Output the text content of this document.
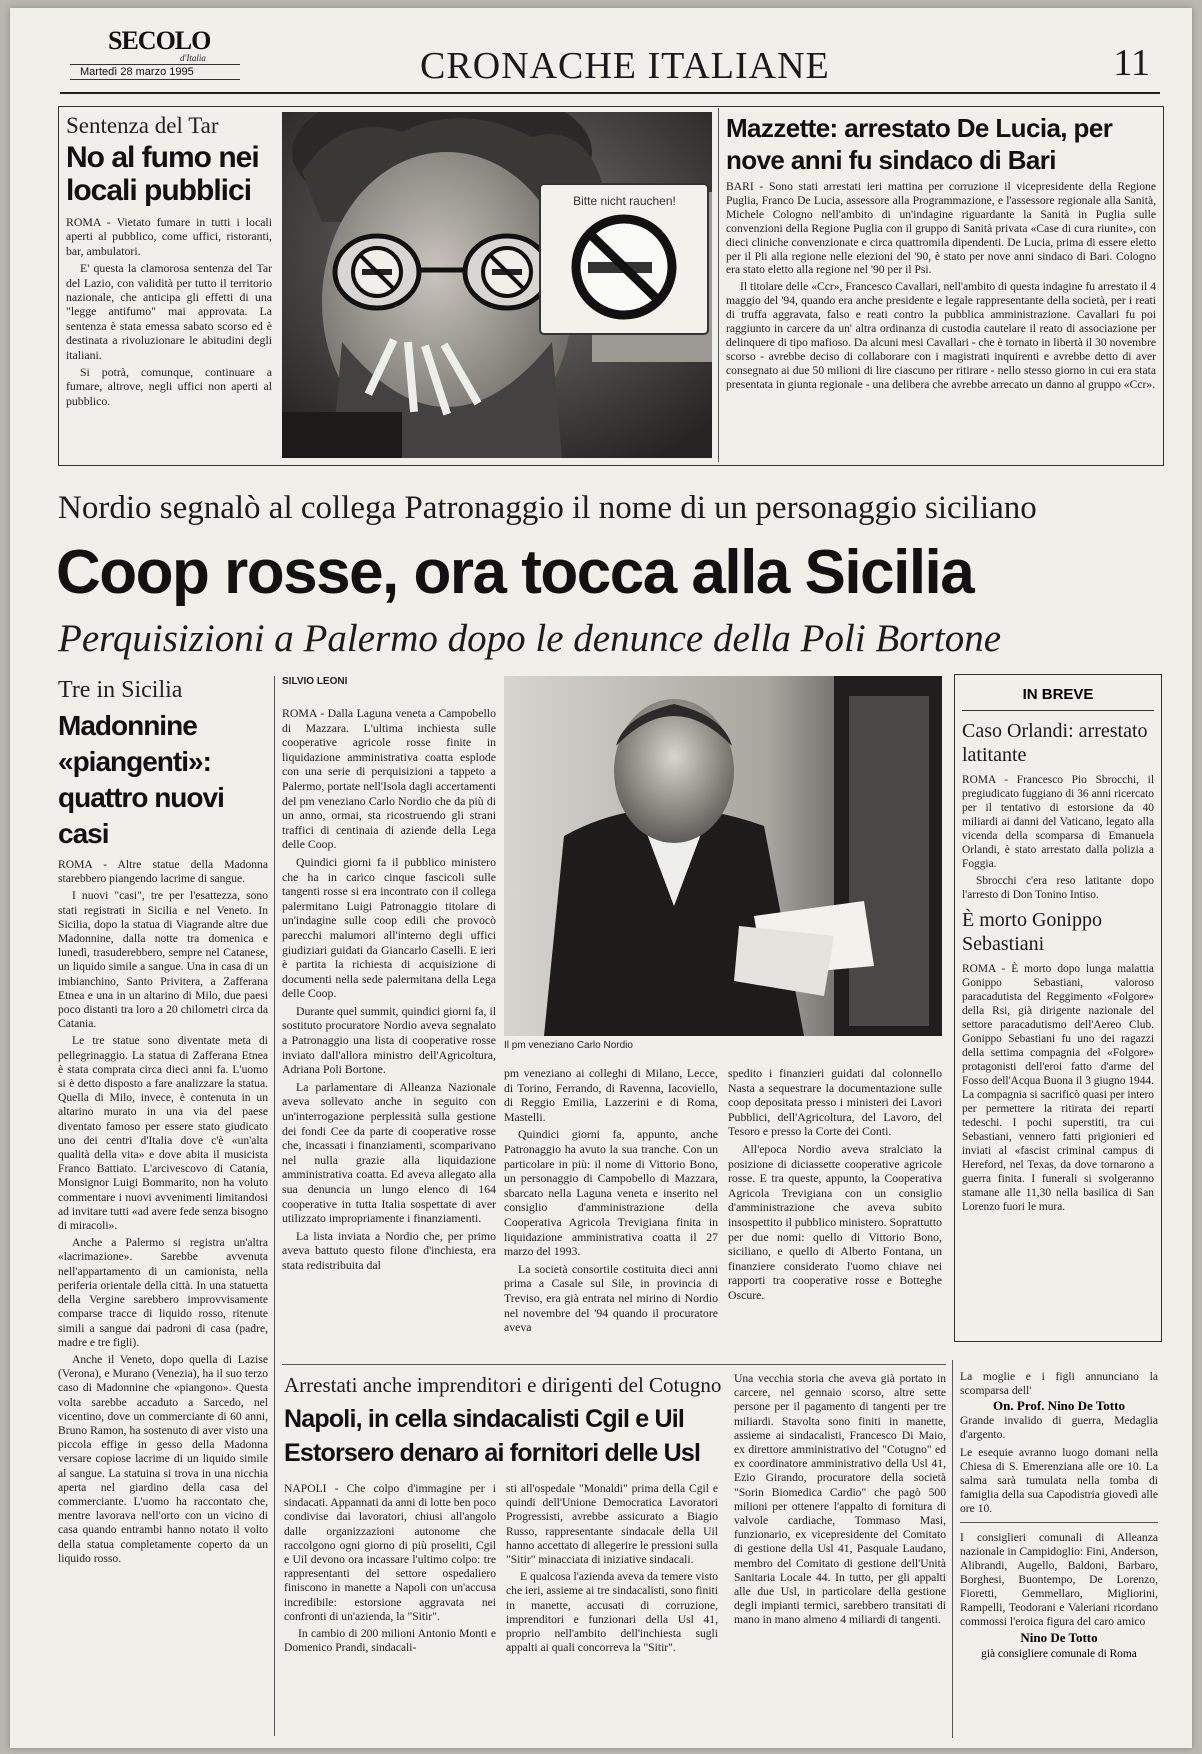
SECOLO
d'Italia
Martedì 28 marzo 1995	CRONACHE ITALIANE	11
Sentenza del Tar
No al fumo nei locali pubblici

ROMA - Vietato fumare in tutti i locali aperti al pubblico, come uffici, ristoranti, bar, ambulatori.

E' questa la clamorosa sentenza del Tar del Lazio, con validità per tutto il territorio nazionale, che anticipa gli effetti di una "legge antifumo" mai approvata. La sentenza è stata emessa sabato scorso ed è destinata a rivoluzionare le abitudini degli italiani.

Si potrà, comunque, continuare a fumare, altrove, negli uffici non aperti al pubblico.

Bitte nicht rauchen!
Mazzette: arrestato De Lucia, per nove anni fu sindaco di Bari

BARI - Sono stati arrestati ieri mattina per corruzione il vicepresidente della Regione Puglia, Franco De Lucia, assessore alla Programmazione, e l'assessore regionale alla Sanità, Michele Cologno nell'ambito di un'indagine riguardante la Sanità in Puglia sulle convenzioni della Regione Puglia con il gruppo di Sanità privata «Case di cura riunite», con dieci cliniche convenzionate e circa quattromila dipendenti. De Lucia, prima di essere eletto per il Pli alla regione nelle elezioni del '90, è stato per nove anni sindaco di Bari. Cologno era stato eletto alla regione nel '90 per il Psi.

Il titolare delle «Ccr», Francesco Cavallari, nell'ambito di questa indagine fu arrestato il 4 maggio del '94, quando era anche presidente e legale rappresentante della società, per i reati di truffa aggravata, falso e reati contro la pubblica amministrazione. Cavallari fu poi raggiunto in carcere da un' altra ordinanza di custodia cautelare il reato di associazione per delinquere di tipo mafioso. Da alcuni mesi Cavallari - che è tornato in libertà il 30 novembre scorso - avrebbe deciso di collaborare con i magistrati inquirenti e avrebbe detto di aver consegnato ai due 50 milioni di lire ciascuno per ritirare - nello stesso giorno in cui era stata presentata in giunta regionale - una delibera che avrebbe arrecato un danno al gruppo «Ccr».

Nordio segnalò al collega Patronaggio il nome di un personaggio siciliano
Coop rosse, ora tocca alla Sicilia
Perquisizioni a Palermo dopo le denunce della Poli Bortone
Tre in Sicilia
Madonnine «piangenti»: quattro nuovi casi

ROMA - Altre statue della Madonna starebbero piangendo lacrime di sangue.

I nuovi "casi", tre per l'esattezza, sono stati registrati in Sicilia e nel Veneto. In Sicilia, dopo la statua di Viagrande altre due Madonnine, dalla notte tra domenica e lunedì, trasuderebbero, sempre nel Catanese, un liquido simile a sangue. Una in casa di un imbianchino, Santo Privitera, a Zafferana Etnea e una in un altarino di Milo, due paesi poco distanti tra loro a 20 chilometri circa da Catania.

Le tre statue sono diventate meta di pellegrinaggio. La statua di Zafferana Etnea è stata comprata circa dieci anni fa. L'uomo si è detto disposto a fare analizzare la statua. Quella di Milo, invece, è contenuta in un altarino murato in una via del paese diventato famoso per essere stato giudicato uno dei centri d'Italia dove c'è «un'alta qualità della vita» e dove abita il musicista Franco Battiato. L'arcivescovo di Catania, Monsignor Luigi Bommarito, non ha voluto commentare i nuovi avvenimenti limitandosi ad invitare tutti «ad avere fede senza bisogno di miracoli».

Anche a Palermo si registra un'altra «lacrimazione». Sarebbe avvenuta nell'appartamento di un camionista, nella periferia orientale della città. In una statuetta della Vergine sarebbero improvvisamente comparse tracce di liquido rosso, ritenute simili a sangue dai padroni di casa (padre, madre e tre figli).

Anche il Veneto, dopo quella di Lazise (Verona), e Murano (Venezia), ha il suo terzo caso di Madonnine che «piangono». Questa volta sarebbe accaduto a Sarcedo, nel vicentino, dove un commerciante di 60 anni, Bruno Ramon, ha sostenuto di aver visto una piccola effige in gesso della Madonna versare copiose lacrime di un liquido simile al sangue. La statuina si trova in una nicchia aperta nel giardino della casa del commerciante. L'uomo ha raccontato che, mentre lavorava nell'orto con un vicino di casa quando entrambi hanno notato il volto della statua completamente coperto da un liquido rosso.

SILVIO LEONI

ROMA - Dalla Laguna veneta a Campobello di Mazzara. L'ultima inchiesta sulle cooperative agricole rosse finite in liquidazione amministrativa coatta esplode con una serie di perquisizioni a tappeto a Palermo, portate nell'Isola dagli accertamenti del pm veneziano Carlo Nordio che da più di un anno, ormai, sta ricostruendo gli strani traffici di centinaia di aziende della Lega delle Coop.

Quindici giorni fa il pubblico ministero che ha in carico cinque fascicoli sulle tangenti rosse si era incontrato con il collega palermitano Luigi Patronaggio titolare di un'indagine sulle coop edili che provocò parecchi malumori all'interno degli uffici giudiziari guidati da Giancarlo Caselli. E ieri è partita la richiesta di acquisizione di documenti nella sede palermitana della Lega delle Coop.

Durante quel summit, quindici giorni fa, il sostituto procuratore Nordio aveva segnalato a Patronaggio una lista di cooperative rosse inviato dall'allora ministro dell'Agricoltura, Adriana Poli Bortone.

La parlamentare di Alleanza Nazionale aveva sollevato anche in seguito con un'interrogazione perplessità sulla gestione dei fondi Cee da parte di cooperative rosse che, incassati i finanziamenti, scomparivano nel nulla grazie alla liquidazione amministrativa coatta. Ed aveva allegato alla sua denuncia un lungo elenco di 164 cooperative in tutta Italia sospettate di aver utilizzato impropriamente i finanziamenti.

La lista inviata a Nordio che, per primo aveva battuto questo filone d'inchiesta, era stata redistribuita dal

Il pm veneziano Carlo Nordio

pm veneziano ai colleghi di Milano, Lecce, di Torino, Ferrando, di Ravenna, Iacoviello, di Reggio Emilia, Lazzerini e di Roma, Mastelli.

Quindici giorni fa, appunto, anche Patronaggio ha avuto la sua tranche. Con un particolare in più: il nome di Vittorio Bono, un personaggio di Campobello di Mazzara, sbarcato nella Laguna veneta e inserito nel consiglio d'amministrazione della Cooperativa Agricola Trevigiana finita in liquidazione amministrativa coatta il 27 marzo del 1993.

La società consortile costituita dieci anni prima a Casale sul Sile, in provincia di Treviso, era già entrata nel mirino di Nordio nel novembre del '94 quando il procuratore aveva

spedito i finanzieri guidati dal colonnello Nasta a sequestrare la documentazione sulle coop depositata presso i ministeri dei Lavori Pubblici, dell'Agricoltura, del Lavoro, del Tesoro e presso la Corte dei Conti.

All'epoca Nordio aveva stralciato la posizione di diciassette cooperative agricole rosse. E tra queste, appunto, la Cooperativa Agricola Trevigiana con un consiglio d'amministrazione che aveva subito insospettito il pubblico ministero. Soprattutto per due nomi: quello di Vittorio Bono, siciliano, e quello di Alberto Fontana, un finanziere considerato l'uomo chiave nei rapporti tra cooperative rosse e Botteghe Oscure.

IN BREVE
Caso Orlandi: arrestato latitante

ROMA - Francesco Pio Sbrocchi, il pregiudicato fuggiano di 36 anni ricercato per il tentativo di estorsione da 40 miliardi ai danni del Vaticano, legato alla vicenda della scomparsa di Emanuela Orlandi, è stato arrestato dalla polizia a Foggia.

Sbrocchi c'era reso latitante dopo l'arresto di Don Tonino Intiso.

È morto Gonippo Sebastiani

ROMA - È morto dopo lunga malattia Gonippo Sebastiani, valoroso paracadutista del Reggimento «Folgore» della Rsi, già dirigente nazionale del settore paracadutismo dell'Aereo Club. Gonippo Sebastiani fu uno dei ragazzi della settima compagnia del «Folgore» protagonisti dell'eroi fatto d'arme del Fosso dell'Acqua Buona il 3 giugno 1944. La compagnia si sacrificò quasi per intero per permettere la ritirata dei reparti tedeschi. I pochi superstiti, tra cui Sebastiani, vennero fatti prigionieri ed inviati al «fascist criminal campus di Hereford, nel Texas, da dove tornarono a guerra finita. I funerali si svolgeranno stamane alle 11,30 nella basilica di San Lorenzo fuori le mura.

Arrestati anche imprenditori e dirigenti del Cotugno
Napoli, in cella sindacalisti Cgil e Uil
Estorsero denaro ai fornitori delle Usl

NAPOLI - Che colpo d'immagine per i sindacati. Appannati da anni di lotte ben poco condivise dai lavoratori, chiusi all'angolo dalle organizzazioni autonome che raccolgono ogni giorno di più proseliti, Cgil e Uil devono ora incassare l'ultimo colpo: tre rappresentanti del settore ospedaliero finiscono in manette a Napoli con un'accusa incredibile: estorsione aggravata nei confronti di un'azienda, la "Sitir".

In cambio di 200 milioni Antonio Monti e Domenico Prandi, sindacali-

sti all'ospedale "Monaldi" prima della Cgil e quindi dell'Unione Democratica Lavoratori Progressisti, avrebbe assicurato a Biagio Russo, rappresentante sindacale della Uil hanno accettato di allegerire le pressioni sulla "Sitir" minacciata di iniziative sindacali.

E qualcosa l'azienda aveva da temere visto che ieri, assieme ai tre sindacalisti, sono finiti in manette, accusati di corruzione, imprenditori e funzionari della Usl 41, proprio nell'ambito dell'inchiesta sugli appalti ai quali concorreva la "Sitir".

Una vecchia storia che aveva già portato in carcere, nel gennaio scorso, altre sette persone per il pagamento di tangenti per tre miliardi. Stavolta sono finiti in manette, assieme ai sindacalisti, Francesco Di Maio, ex direttore amministrativo del "Cotugno" ed ex coordinatore amministrativo della Usl 41, Ezio Girando, procuratore della società "Sorin Biomedica Cardio" che pagò 500 milioni per ottenere l'appalto di fornitura di valvole cardiache, Tommaso Masi, funzionario, ex vicepresidente del Comitato di gestione della Usl 41, Pasquale Laudano, membro del Comitato di gestione dell'Unità Sanitaria Locale 44. In tutto, per gli appalti alle due Usl, in particolare della gestione degli impianti termici, sarebbero transitati di mano in mano almeno 4 miliardi di tangenti.

La moglie e i figli annunciano la scomparsa dell'
On. Prof. Nino De Totto
Grande invalido di guerra, Medaglia d'argento.
Le esequie avranno luogo domani nella Chiesa di S. Emerenziana alle ore 10. La salma sarà tumulata nella tomba di famiglia della sua Capodistria giovedì alle ore 10.
I consiglieri comunali di Alleanza nazionale in Campidoglio: Fini, Anderson, Alibrandi, Augello, Baldoni, Barbaro, Borghesi, Buontempo, De Lorenzo, Fioretti, Gemmellaro, Migliorini, Rampelli, Teodorani e Valeriani ricordano commossi l'eroica figura del caro amico
Nino De Totto
già consigliere comunale di Roma
